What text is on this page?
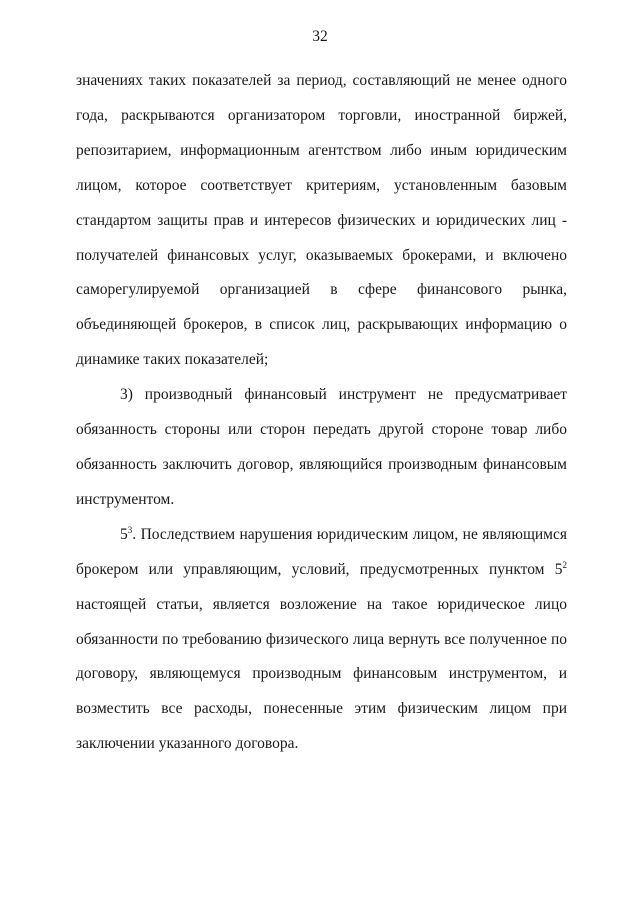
32

значениях таких показателей за период, составляющий не менее одного года, раскрываются организатором торговли, иностранной биржей, репозитарием, информационным агентством либо иным юридическим лицом, которое соответствует критериям, установленным базовым стандартом защиты прав и интересов физических и юридических лиц - получателей финансовых услуг, оказываемых брокерами, и включено саморегулируемой организацией в сфере финансового рынка, объединяющей брокеров, в список лиц, раскрывающих информацию о динамике таких показателей;

3) производный финансовый инструмент не предусматривает обязанность стороны или сторон передать другой стороне товар либо обязанность заключить договор, являющийся производным финансовым инструментом.

$5^3$. Последствием нарушения юридическим лицом, не являющимся брокером или управляющим, условий, предусмотренных пунктом $5^2$ настоящей статьи, является возложение на такое юридическое лицо обязанности по требованию физического лица вернуть все полученное по договору, являющемуся производным финансовым инструментом, и возместить все расходы, понесенные этим физическим лицом при заключении указанного договора.
